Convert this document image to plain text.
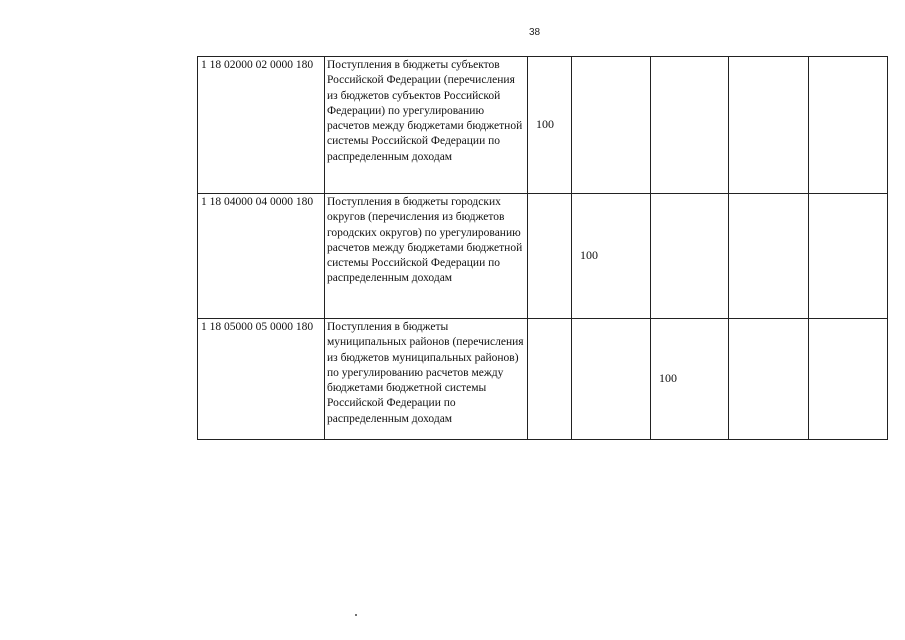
38
1 18 02000 02 0000 180	Поступления в бюджеты субъектов Российской Федерации (перечисления из бюджетов субъектов Российской Федерации) по урегулированию расчетов между бюджетами бюджетной системы Российской Федерации по распределенным доходам	100				
1 18 04000 04 0000 180	Поступления в бюджеты городских округов (перечисления из бюджетов городских округов) по урегулированию расчетов между бюджетами бюджетной системы Российской Федерации по распределенным доходам		100			
1 18 05000 05 0000 180	Поступления в бюджеты муниципальных районов (перечисления из бюджетов муниципальных районов) по урегулированию расчетов между бюджетами бюджетной системы Российской Федерации по распределенным доходам			100		
